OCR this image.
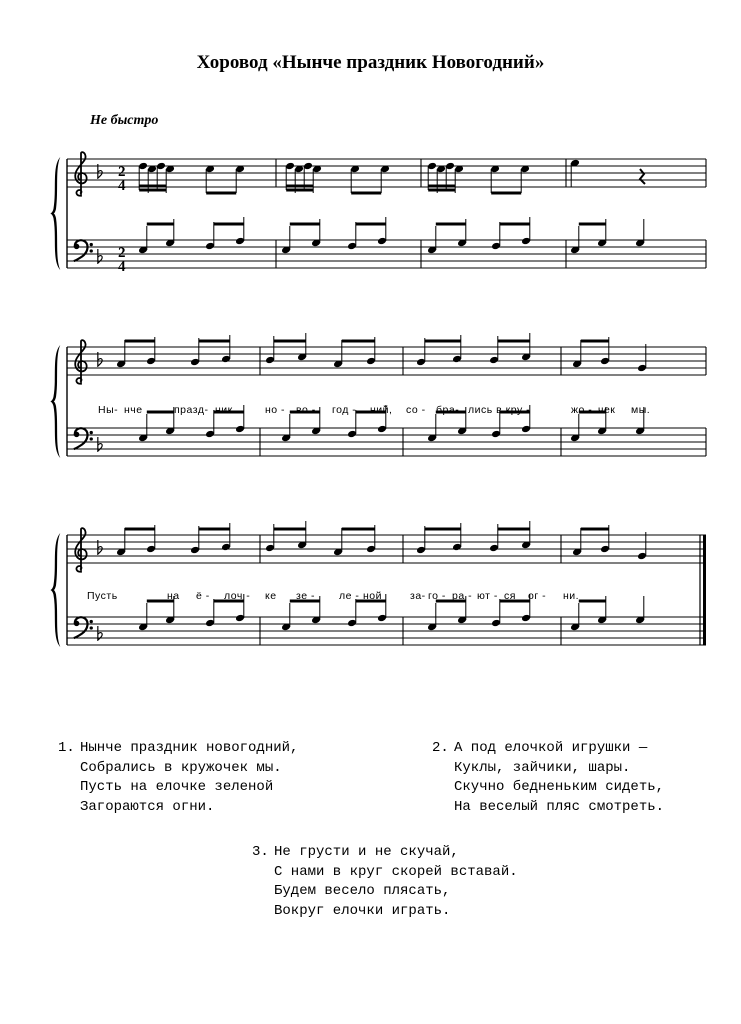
Хоровод «Нынче праздник Новогодний»
Не быстро
2
4
2
4
Ны- нче	празд- ник	но - во - год - ний, со - бра- лись в кру -	жо - чек мы.
Пусть	на ё - лоч - ке зе - ле - ной	за- го - ра - ют - ся ог - ни.
1. Нынче праздник новогодний,
Собрались в кружочек мы.
Пусть на елочке зеленой
Загораются огни.
2. А под елочкой игрушки —
Куклы, зайчики, шары.
Скучно бедненьким сидеть,
На веселый пляс смотреть.
3. Не грусти и не скучай,
С нами в круг скорей вставай.
Будем весело плясать,
Вокруг елочки играть.
